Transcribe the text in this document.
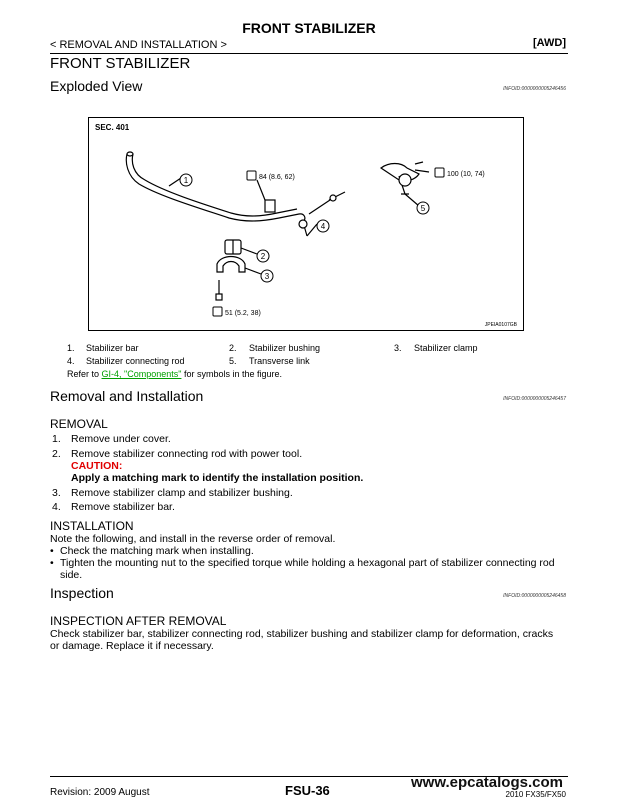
FRONT STABILIZER
< REMOVAL AND INSTALLATION >	[AWD]
FRONT STABILIZER
Exploded View	INFOID:0000000005246456
1
2
3
4
5
SEC. 401
84 (8.6, 62)	100 (10, 74)
51 (5.2, 38)
JPEIA0107GB
1. Stabilizer bar	2. Stabilizer bushing	3. Stabilizer clamp
4. Stabilizer connecting rod	5. Transverse link
Refer to GI-4, "Components" for symbols in the figure.
Removal and Installation	INFOID:0000000005246457
REMOVAL
1. Remove under cover.
2. Remove stabilizer connecting rod with power tool.
CAUTION:
Apply a matching mark to identify the installation position.
3. Remove stabilizer clamp and stabilizer bushing.
4. Remove stabilizer bar.
INSTALLATION
Note the following, and install in the reverse order of removal.
• Check the matching mark when installing.
• Tighten the mounting nut to the specified torque while holding a hexagonal part of stabilizer connecting rod
side.
Inspection	INFOID:0000000005246458
INSPECTION AFTER REMOVAL
Check stabilizer bar, stabilizer connecting rod, stabilizer bushing and stabilizer clamp for deformation, cracks
or damage. Replace it if necessary.
Revision: 2009 August	FSU-36	2010 FX35/FX50
www.epcatalogs.com
